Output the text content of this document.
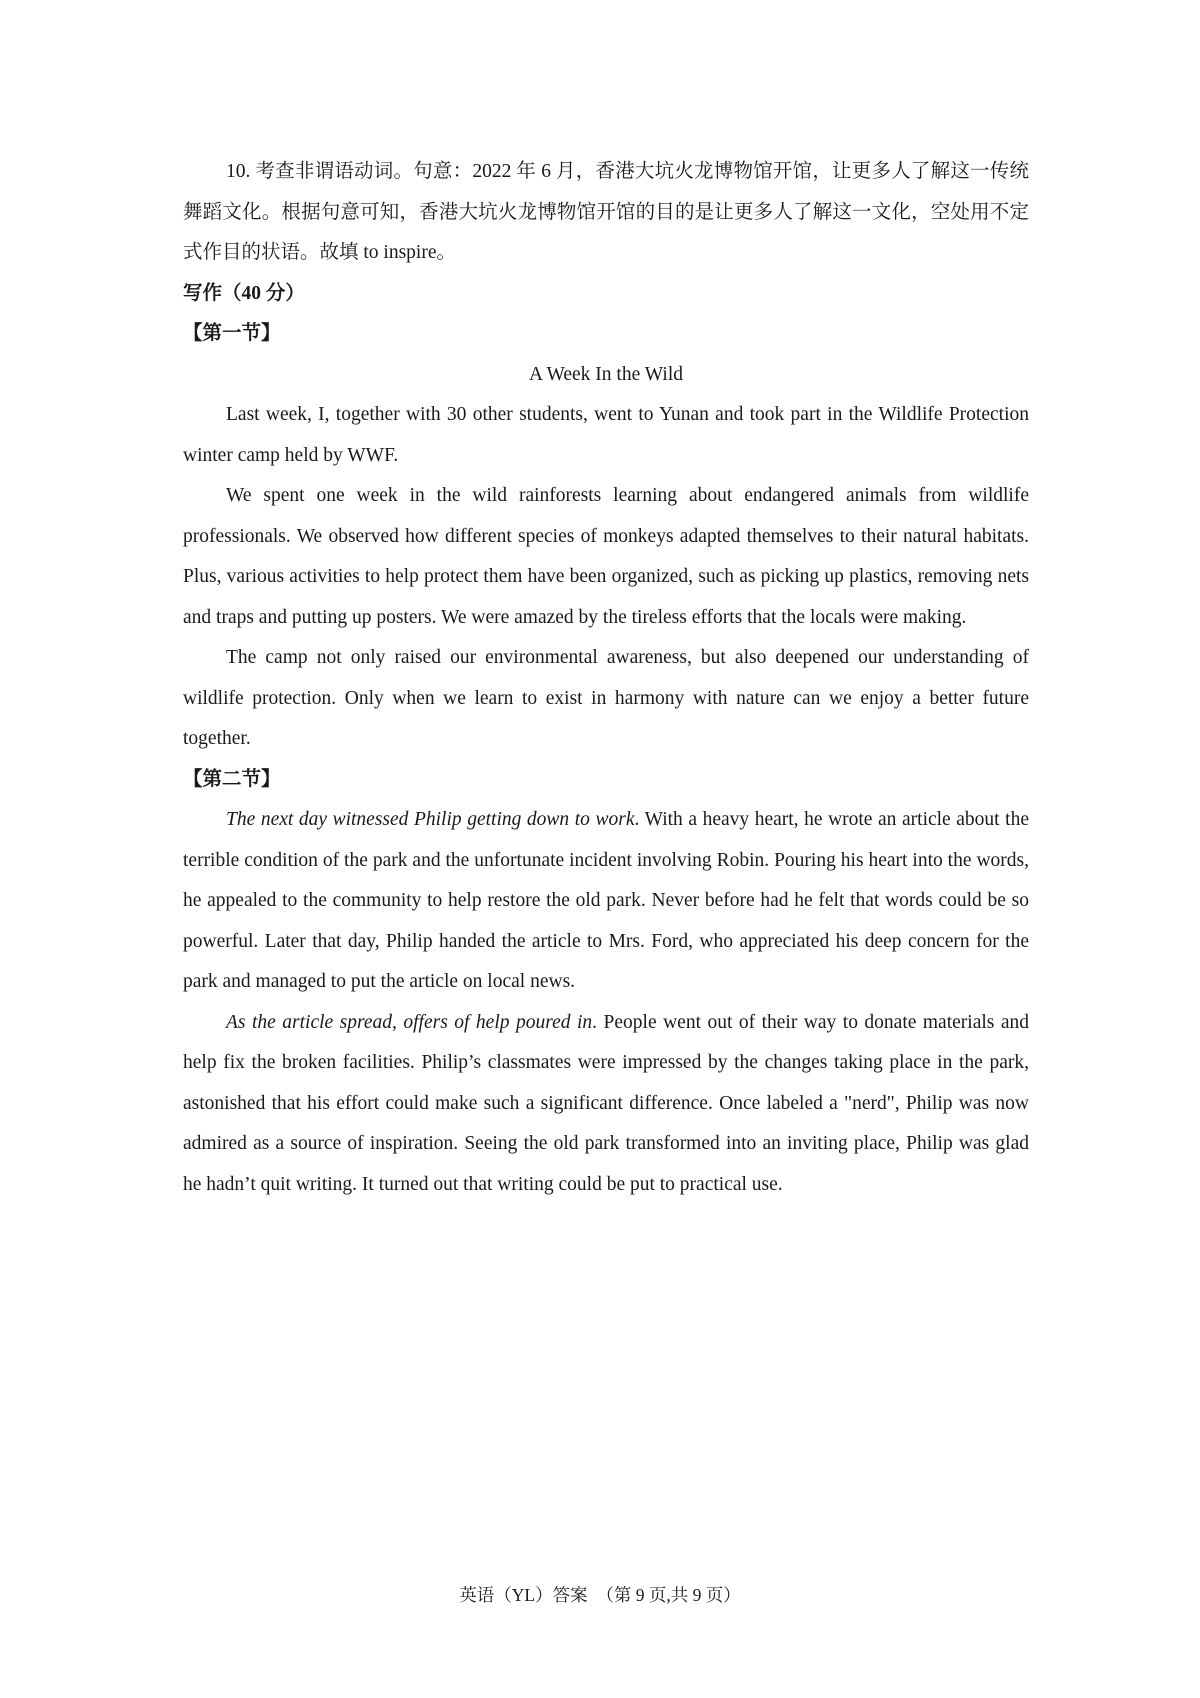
10. 考查非谓语动词。句意：2022 年 6 月，香港大坑火龙博物馆开馆，让更多人了解这一传统舞蹈文化。根据句意可知，香港大坑火龙博物馆开馆的目的是让更多人了解这一文化，空处用不定式作目的状语。故填 to inspire。

写作（40 分）

【第一节】

A Week In the Wild

Last week, I, together with 30 other students, went to Yunan and took part in the Wildlife Protection winter camp held by WWF.

We spent one week in the wild rainforests learning about endangered animals from wildlife professionals. We observed how different species of monkeys adapted themselves to their natural habitats. Plus, various activities to help protect them have been organized, such as picking up plastics, removing nets and traps and putting up posters. We were amazed by the tireless efforts that the locals were making.

The camp not only raised our environmental awareness, but also deepened our understanding of wildlife protection. Only when we learn to exist in harmony with nature can we enjoy a better future together.

【第二节】

The next day witnessed Philip getting down to work. With a heavy heart, he wrote an article about the terrible condition of the park and the unfortunate incident involving Robin. Pouring his heart into the words, he appealed to the community to help restore the old park. Never before had he felt that words could be so powerful. Later that day, Philip handed the article to Mrs. Ford, who appreciated his deep concern for the park and managed to put the article on local news.

As the article spread, offers of help poured in. People went out of their way to donate materials and help fix the broken facilities. Philip’s classmates were impressed by the changes taking place in the park, astonished that his effort could make such a significant difference. Once labeled a "nerd", Philip was now admired as a source of inspiration. Seeing the old park transformed into an inviting place, Philip was glad he hadn’t quit writing. It turned out that writing could be put to practical use.

英语（YL）答案　（第 9 页,共 9 页）
